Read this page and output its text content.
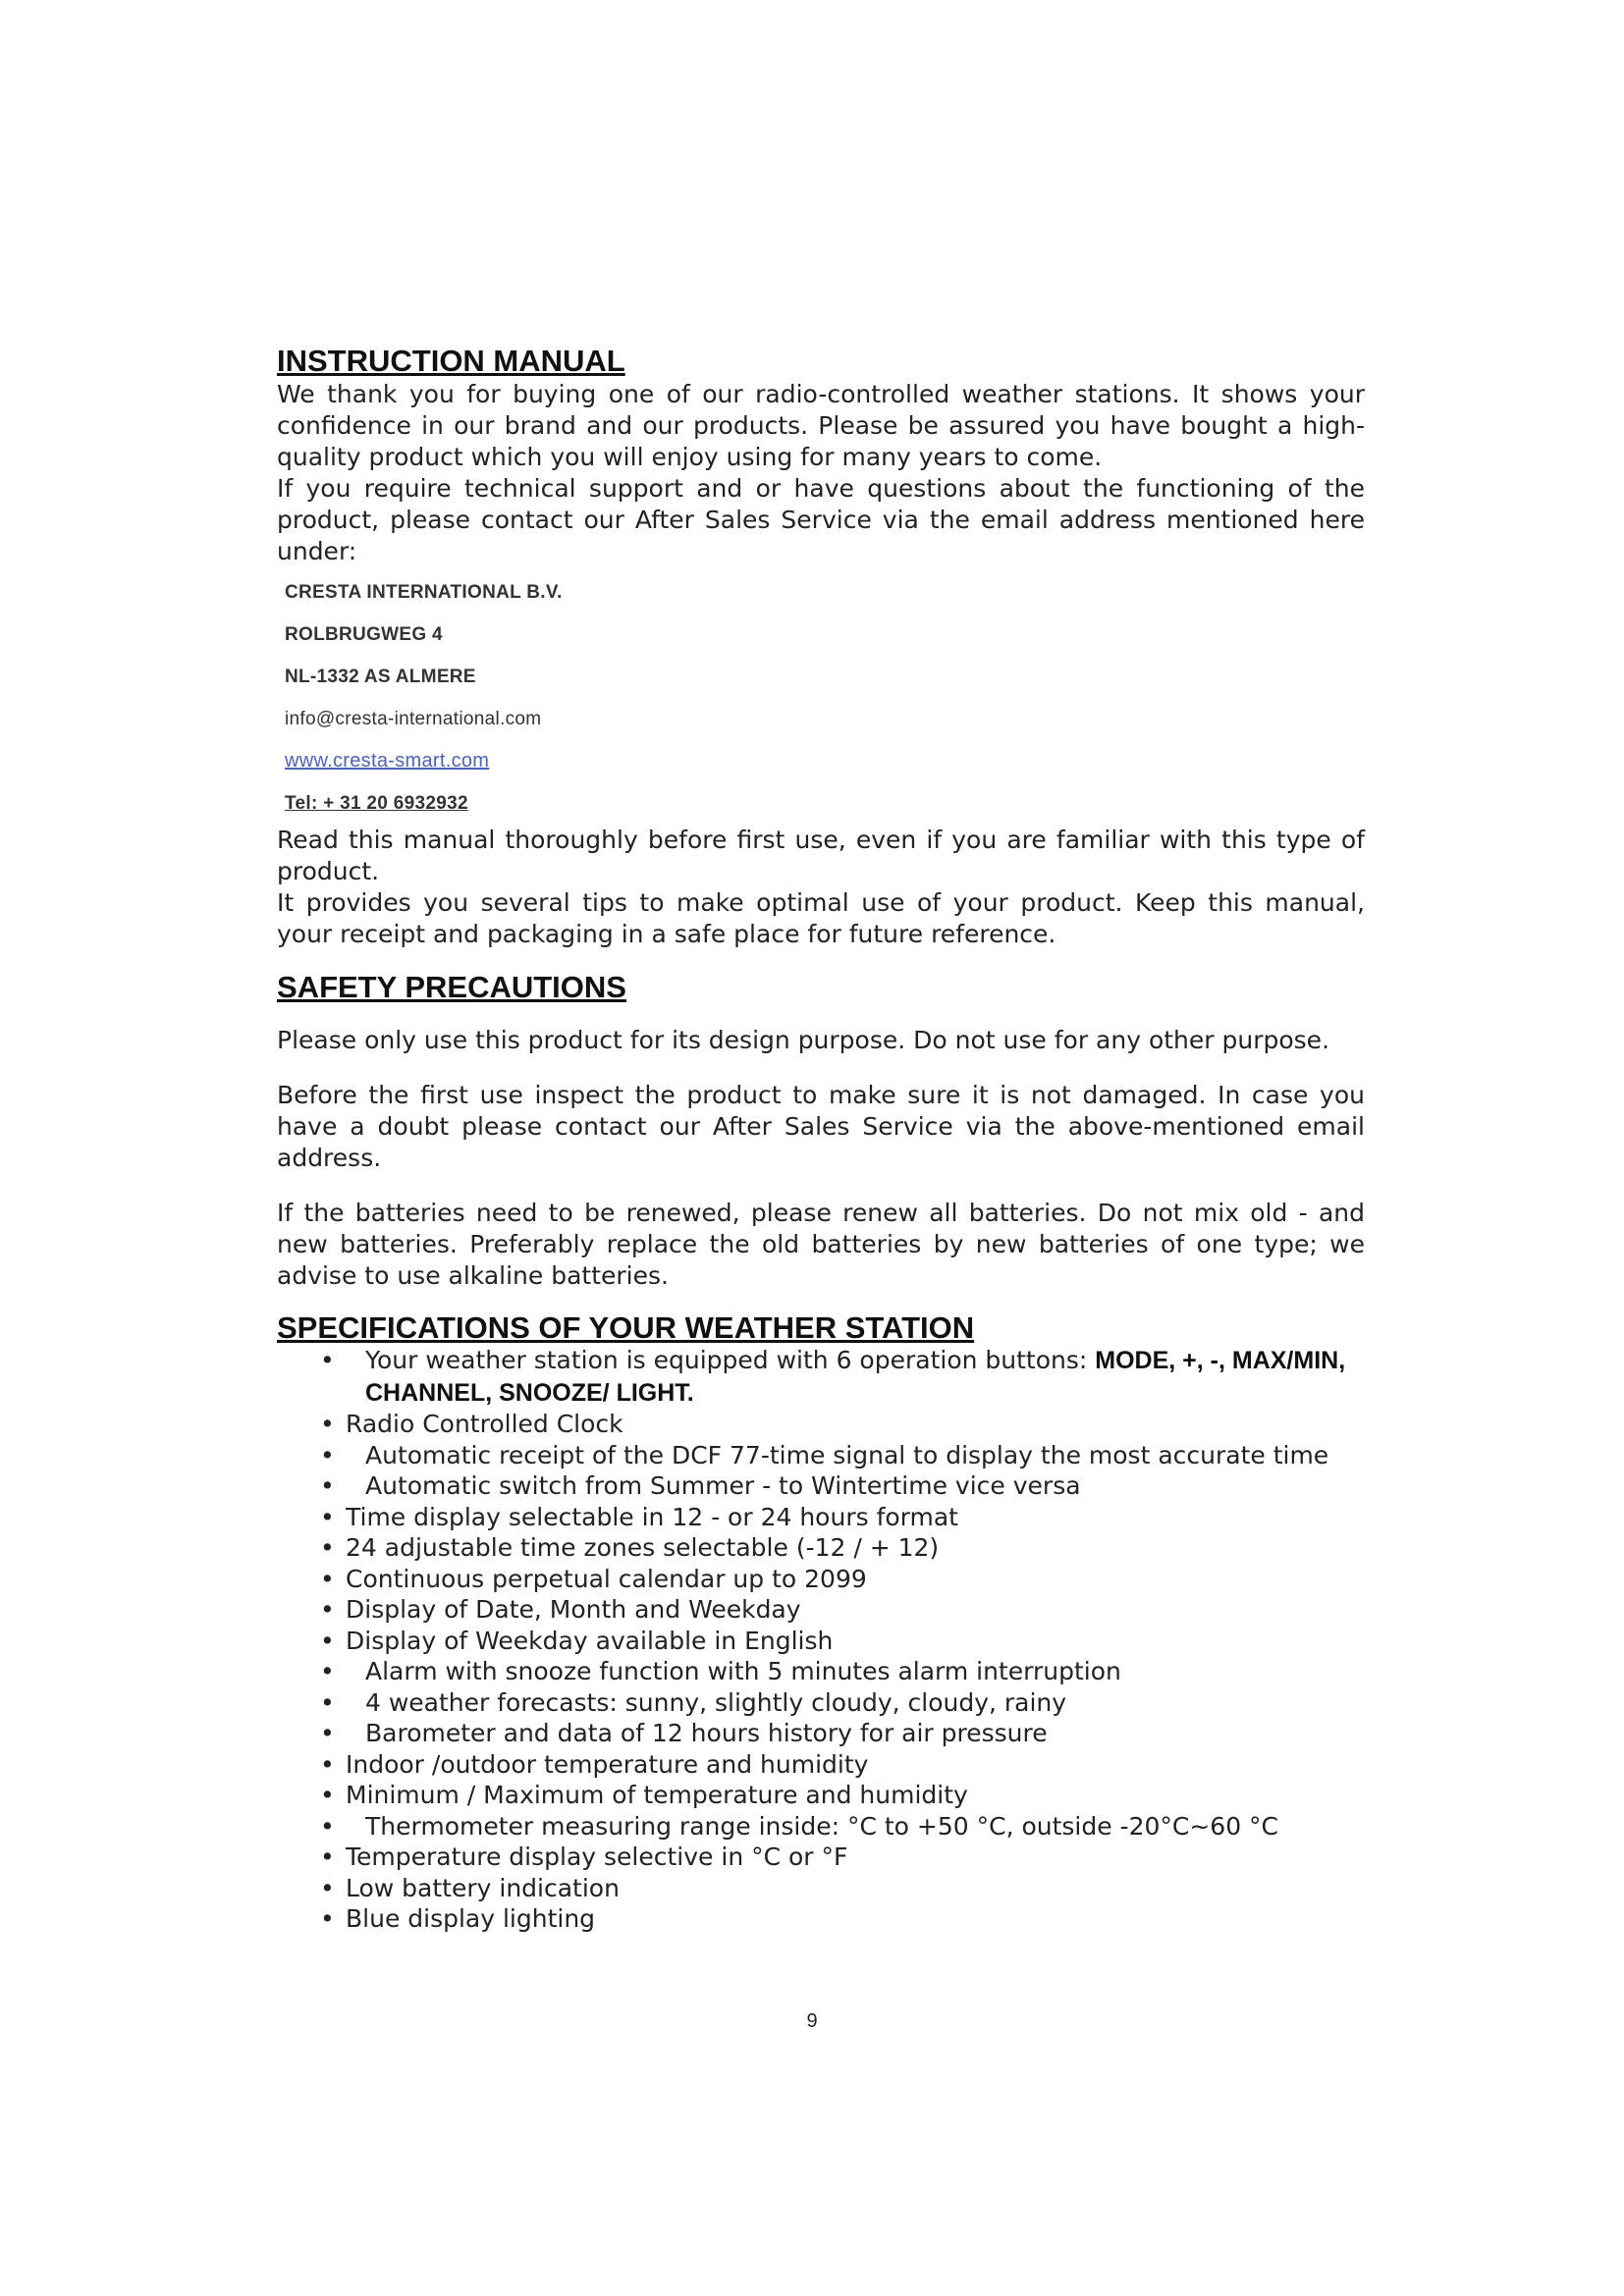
INSTRUCTION MANUAL

We thank you for buying one of our radio-controlled weather stations. It shows your confidence in our brand and our products. Please be assured you have bought a high-quality product which you will enjoy using for many years to come.

If you require technical support and or have questions about the functioning of the product, please contact our After Sales Service via the email address mentioned here under:

CRESTA INTERNATIONAL B.V.
ROLBRUGWEG 4
NL-1332 AS ALMERE
info@cresta-international.com
www.cresta-smart.com
Tel: + 31 20 6932932

Read this manual thoroughly before first use, even if you are familiar with this type of product.

It provides you several tips to make optimal use of your product. Keep this manual, your receipt and packaging in a safe place for future reference.

SAFETY PRECAUTIONS

Please only use this product for its design purpose. Do not use for any other purpose.

Before the first use inspect the product to make sure it is not damaged. In case you have a doubt please contact our After Sales Service via the above-mentioned email address.

If the batteries need to be renewed, please renew all batteries. Do not mix old - and new batteries. Preferably replace the old batteries by new batteries of one type; we advise to use alkaline batteries.

SPECIFICATIONS OF YOUR WEATHER STATION
• Your weather station is equipped with 6 operation buttons: MODE, +, -, MAX/MIN, CHANNEL, SNOOZE/ LIGHT.
• Radio Controlled Clock
• Automatic receipt of the DCF 77-time signal to display the most accurate time
• Automatic switch from Summer - to Wintertime vice versa
• Time display selectable in 12 - or 24 hours format
• 24 adjustable time zones selectable (-12 / + 12)
• Continuous perpetual calendar up to 2099
• Display of Date, Month and Weekday
• Display of Weekday available in English
• Alarm with snooze function with 5 minutes alarm interruption
• 4 weather forecasts: sunny, slightly cloudy, cloudy, rainy
• Barometer and data of 12 hours history for air pressure
• Indoor /outdoor temperature and humidity
• Minimum / Maximum of temperature and humidity
• Thermometer measuring range inside: °C to +50 °C, outside -20°C~60 °C
• Temperature display selective in °C or °F
• Low battery indication
• Blue display lighting
9
